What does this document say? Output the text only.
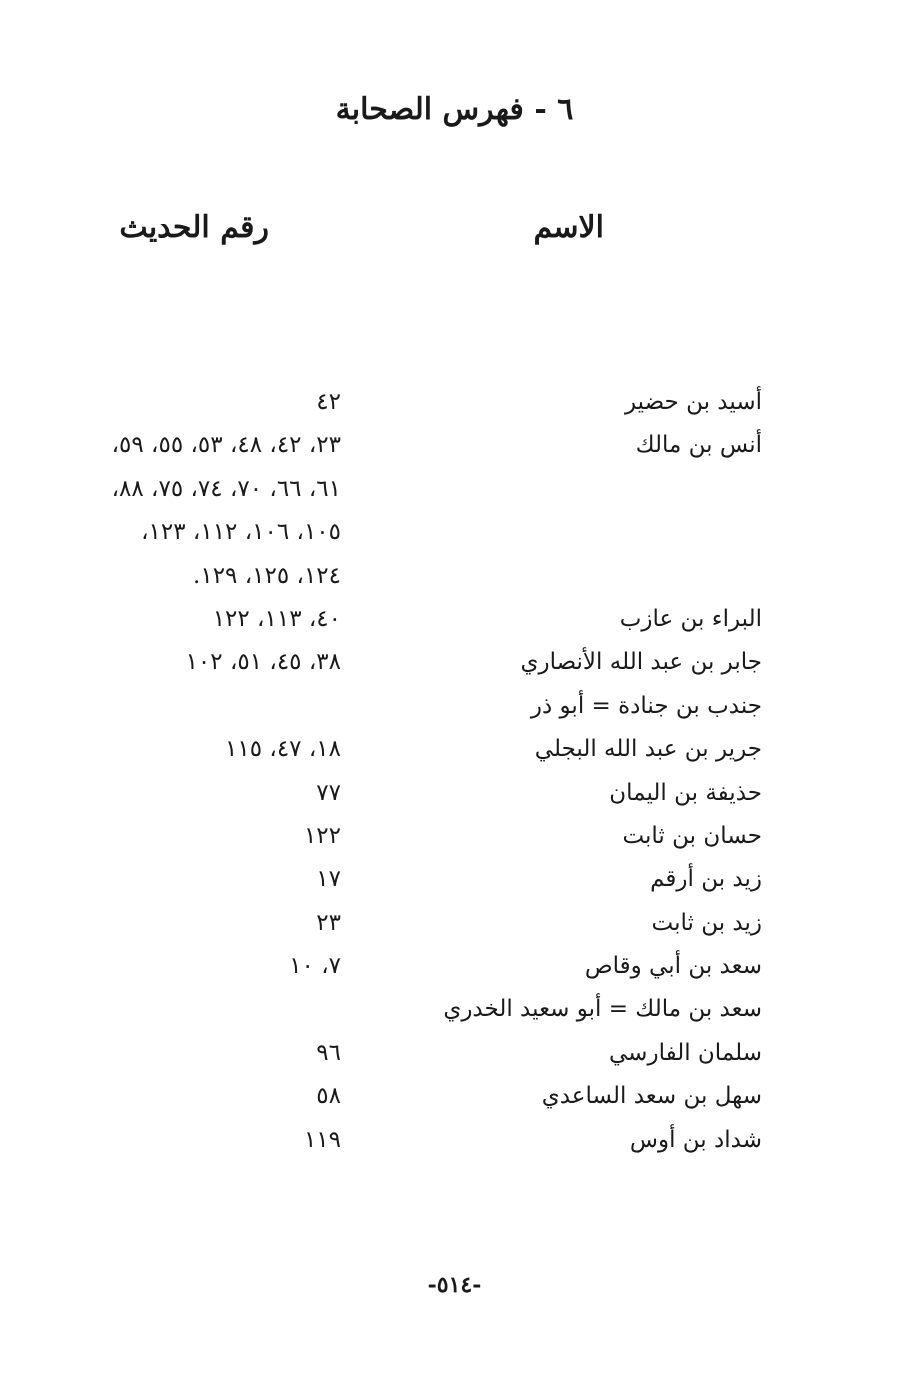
٦ - فهرس الصحابة
الاسم
رقم الحديث
أسيد بن حضير
٤٢
أنس بن مالك
٢٣، ٤٢، ٤٨، ٥٣، ٥٥، ٥٩،
٦١، ٦٦، ٧٠، ٧٤، ٧٥، ٨٨،
١٠٥، ١٠٦، ١١٢، ١٢٣،
١٢٤، ١٢٥، ١٢٩.
البراء بن عازب
٤٠، ١١٣، ١٢٢
جابر بن عبد الله الأنصاري
٣٨، ٤٥، ٥١، ١٠٢
جندب بن جنادة = أبو ذر
جرير بن عبد الله البجلي
١٨، ٤٧، ١١٥
حذيفة بن اليمان
٧٧
حسان بن ثابت
١٢٢
زيد بن أرقم
١٧
زيد بن ثابت
٢٣
سعد بن أبي وقاص
٧، ١٠
سعد بن مالك = أبو سعيد الخدري
سلمان الفارسي
٩٦
سهل بن سعد الساعدي
٥٨
شداد بن أوس
١١٩
-٥١٤-
